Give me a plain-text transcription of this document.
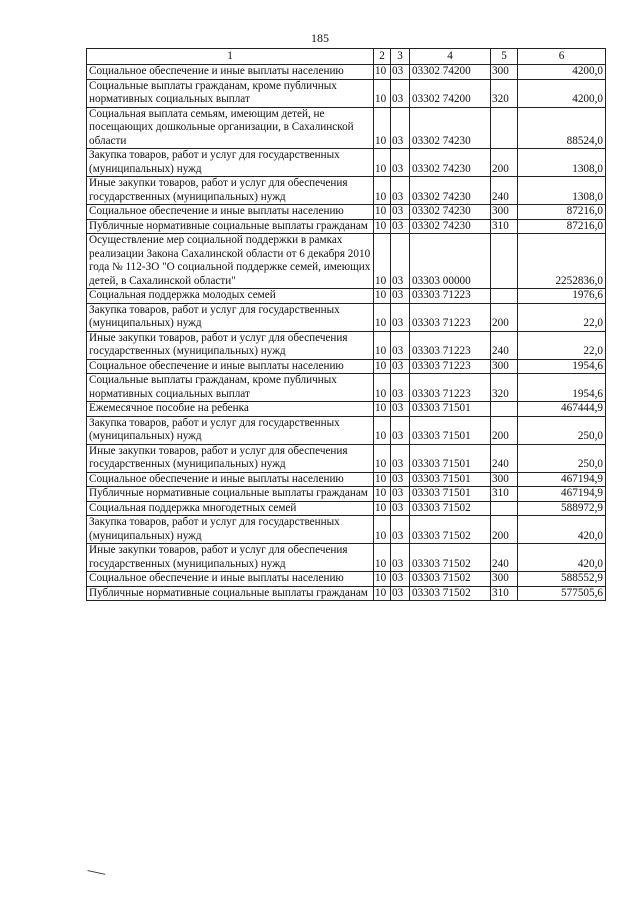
185
1	2	3	4	5	6
Социальное обеспечение и иные выплаты населению	10	03	03302 74200	300	4200,0
Социальные выплаты гражданам, кроме публичных нормативных социальных выплат	10	03	03302 74200	320	4200,0
Социальная выплата семьям, имеющим детей, не посещающих дошкольные организации, в Сахалинской области	10	03	03302 74230		88524,0
Закупка товаров, работ и услуг для государственных (муниципальных) нужд	10	03	03302 74230	200	1308,0
Иные закупки товаров, работ и услуг для обеспечения государственных (муниципальных) нужд	10	03	03302 74230	240	1308,0
Социальное обеспечение и иные выплаты населению	10	03	03302 74230	300	87216,0
Публичные нормативные социальные выплаты гражданам	10	03	03302 74230	310	87216,0
Осуществление мер социальной поддержки в рамках реализации Закона Сахалинской области от 6 декабря 2010 года № 112-ЗО "О социальной поддержке семей, имеющих детей, в Сахалинской области"	10	03	03303 00000		2252836,0
Социальная поддержка молодых семей	10	03	03303 71223		1976,6
Закупка товаров, работ и услуг для государственных (муниципальных) нужд	10	03	03303 71223	200	22,0
Иные закупки товаров, работ и услуг для обеспечения государственных (муниципальных) нужд	10	03	03303 71223	240	22,0
Социальное обеспечение и иные выплаты населению	10	03	03303 71223	300	1954,6
Социальные выплаты гражданам, кроме публичных нормативных социальных выплат	10	03	03303 71223	320	1954,6
Ежемесячное пособие на ребенка	10	03	03303 71501		467444,9
Закупка товаров, работ и услуг для государственных (муниципальных) нужд	10	03	03303 71501	200	250,0
Иные закупки товаров, работ и услуг для обеспечения государственных (муниципальных) нужд	10	03	03303 71501	240	250,0
Социальное обеспечение и иные выплаты населению	10	03	03303 71501	300	467194,9
Публичные нормативные социальные выплаты гражданам	10	03	03303 71501	310	467194,9
Социальная поддержка многодетных семей	10	03	03303 71502		588972,9
Закупка товаров, работ и услуг для государственных (муниципальных) нужд	10	03	03303 71502	200	420,0
Иные закупки товаров, работ и услуг для обеспечения государственных (муниципальных) нужд	10	03	03303 71502	240	420,0
Социальное обеспечение и иные выплаты населению	10	03	03303 71502	300	588552,9
Публичные нормативные социальные выплаты гражданам	10	03	03303 71502	310	577505,6
